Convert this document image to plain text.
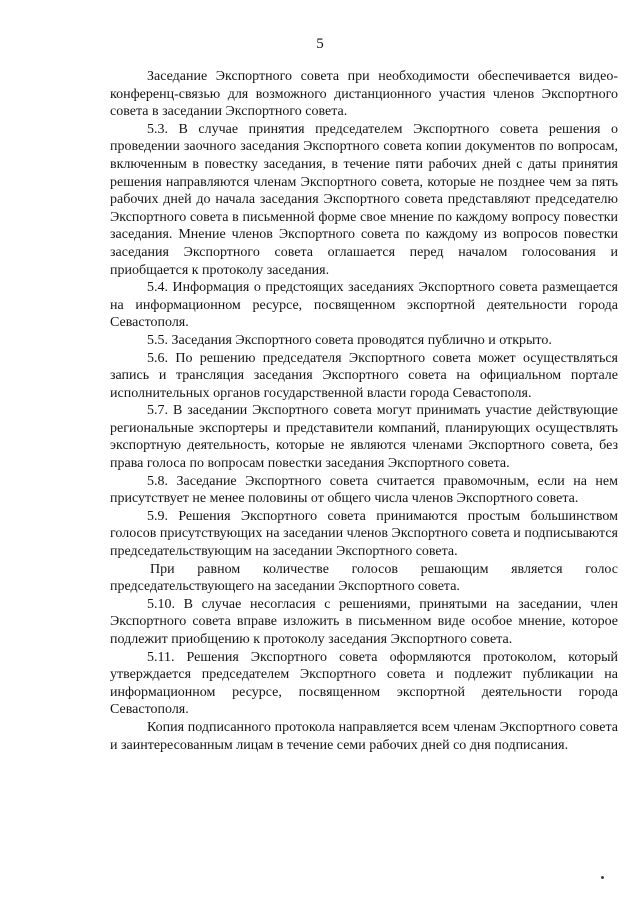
5

Заседание Экспортного совета при необходимости обеспечивается видео-конференц-связью для возможного дистанционного участия членов Экспортного совета в заседании Экспортного совета.

5.3. В случае принятия председателем Экспортного совета решения о проведении заочного заседания Экспортного совета копии документов по вопросам, включенным в повестку заседания, в течение пяти рабочих дней с даты принятия решения направляются членам Экспортного совета, которые не позднее чем за пять рабочих дней до начала заседания Экспортного совета представляют председателю Экспортного совета в письменной форме свое мнение по каждому вопросу повестки заседания. Мнение членов Экспортного совета по каждому из вопросов повестки заседания Экспортного совета оглашается перед началом голосования и приобщается к протоколу заседания.

5.4. Информация о предстоящих заседаниях Экспортного совета размещается на информационном ресурсе, посвященном экспортной деятельности города Севастополя.

5.5. Заседания Экспортного совета проводятся публично и открыто.

5.6. По решению председателя Экспортного совета может осуществляться запись и трансляция заседания Экспортного совета на официальном портале исполнительных органов государственной власти города Севастополя.

5.7. В заседании Экспортного совета могут принимать участие действующие региональные экспортеры и представители компаний, планирующих осуществлять экспортную деятельность, которые не являются членами Экспортного совета, без права голоса по вопросам повестки заседания Экспортного совета.

5.8. Заседание Экспортного совета считается правомочным, если на нем присутствует не менее половины от общего числа членов Экспортного совета.

5.9. Решения Экспортного совета принимаются простым большинством голосов присутствующих на заседании членов Экспортного совета и подписываются председательствующим на заседании Экспортного совета.

При равном количестве голосов решающим является голос председательствующего на заседании Экспортного совета.

5.10. В случае несогласия с решениями, принятыми на заседании, член Экспортного совета вправе изложить в письменном виде особое мнение, которое подлежит приобщению к протоколу заседания Экспортного совета.

5.11. Решения Экспортного совета оформляются протоколом, который утверждается председателем Экспортного совета и подлежит публикации на информационном ресурсе, посвященном экспортной деятельности города Севастополя.

Копия подписанного протокола направляется всем членам Экспортного совета и заинтересованным лицам в течение семи рабочих дней со дня подписания.
